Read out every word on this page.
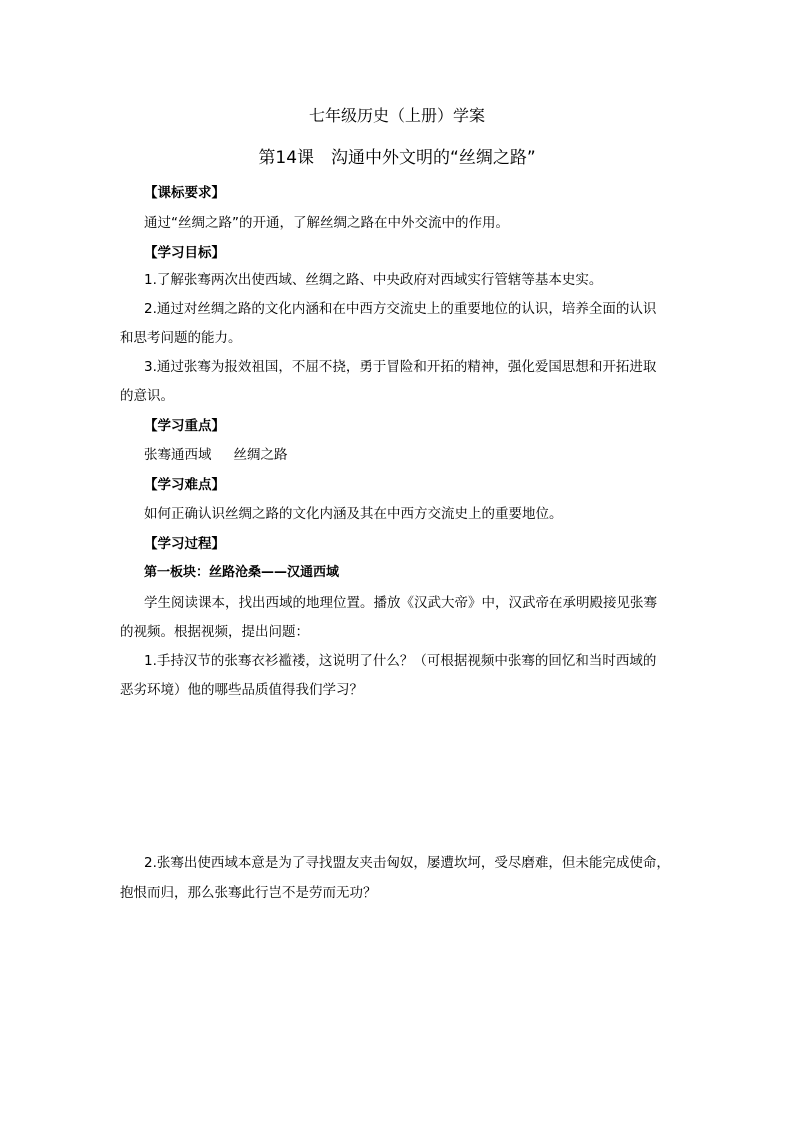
七年级历史（上册）学案
第14课　沟通中外文明的“丝绸之路”
【课标要求】
通过“丝绸之路”的开通，了解丝绸之路在中外交流中的作用。
【学习目标】
1.了解张骞两次出使西域、丝绸之路、中央政府对西域实行管辖等基本史实。
2.通过对丝绸之路的文化内涵和在中西方交流史上的重要地位的认识，培养全面的认识
和思考问题的能力。
3.通过张骞为报效祖国，不屈不挠，勇于冒险和开拓的精神，强化爱国思想和开拓进取
的意识。
【学习重点】
张骞通西域 丝绸之路
【学习难点】
如何正确认识丝绸之路的文化内涵及其在中西方交流史上的重要地位。
【学习过程】
第一板块：丝路沧桑——汉通西域
学生阅读课本，找出西域的地理位置。播放《汉武大帝》中，汉武帝在承明殿接见张骞
的视频。根据视频，提出问题：
1.手持汉节的张骞衣衫褴褛，这说明了什么？（可根据视频中张骞的回忆和当时西域的
恶劣环境）他的哪些品质值得我们学习？
2.张骞出使西域本意是为了寻找盟友夹击匈奴，屡遭坎坷，受尽磨难，但未能完成使命，
抱恨而归，那么张骞此行岂不是劳而无功？
